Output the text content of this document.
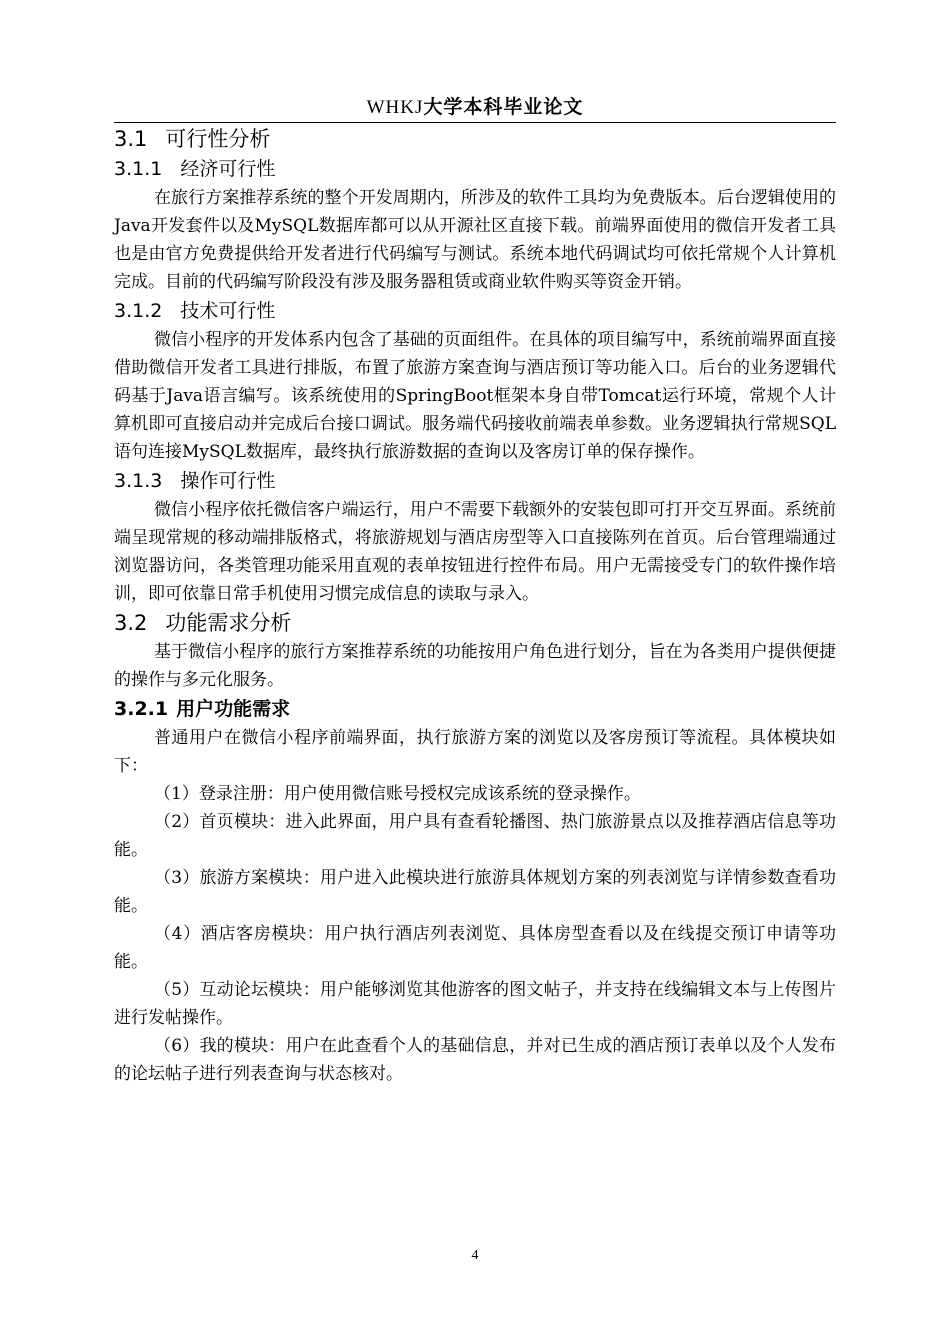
WHKJ大学本科毕业论文
3.1 可行性分析
3.1.1 经济可行性

在旅行方案推荐系统的整个开发周期内，所涉及的软件工具均为免费版本。后台逻辑使用的Java开发套件以及MySQL数据库都可以从开源社区直接下载。前端界面使用的微信开发者工具也是由官方免费提供给开发者进行代码编写与测试。系统本地代码调试均可依托常规个人计算机完成。目前的代码编写阶段没有涉及服务器租赁或商业软件购买等资金开销。

3.1.2 技术可行性

微信小程序的开发体系内包含了基础的页面组件。在具体的项目编写中，系统前端界面直接借助微信开发者工具进行排版，布置了旅游方案查询与酒店预订等功能入口。后台的业务逻辑代码基于Java语言编写。该系统使用的SpringBoot框架本身自带Tomcat运行环境，常规个人计算机即可直接启动并完成后台接口调试。服务端代码接收前端表单参数。业务逻辑执行常规SQL语句连接MySQL数据库，最终执行旅游数据的查询以及客房订单的保存操作。

3.1.3 操作可行性

微信小程序依托微信客户端运行，用户不需要下载额外的安装包即可打开交互界面。系统前端呈现常规的移动端排版格式，将旅游规划与酒店房型等入口直接陈列在首页。后台管理端通过浏览器访问，各类管理功能采用直观的表单按钮进行控件布局。用户无需接受专门的软件操作培训，即可依靠日常手机使用习惯完成信息的读取与录入。

3.2 功能需求分析

基于微信小程序的旅行方案推荐系统的功能按用户角色进行划分，旨在为各类用户提供便捷的操作与多元化服务。

3.2.1 用户功能需求

普通用户在微信小程序前端界面，执行旅游方案的浏览以及客房预订等流程。具体模块如下：

（1）登录注册：用户使用微信账号授权完成该系统的登录操作。

（2）首页模块：进入此界面，用户具有查看轮播图、热门旅游景点以及推荐酒店信息等功能。

（3）旅游方案模块：用户进入此模块进行旅游具体规划方案的列表浏览与详情参数查看功能。

（4）酒店客房模块：用户执行酒店列表浏览、具体房型查看以及在线提交预订申请等功能。

（5）互动论坛模块：用户能够浏览其他游客的图文帖子，并支持在线编辑文本与上传图片进行发帖操作。

（6）我的模块：用户在此查看个人的基础信息，并对已生成的酒店预订表单以及个人发布的论坛帖子进行列表查询与状态核对。

4
